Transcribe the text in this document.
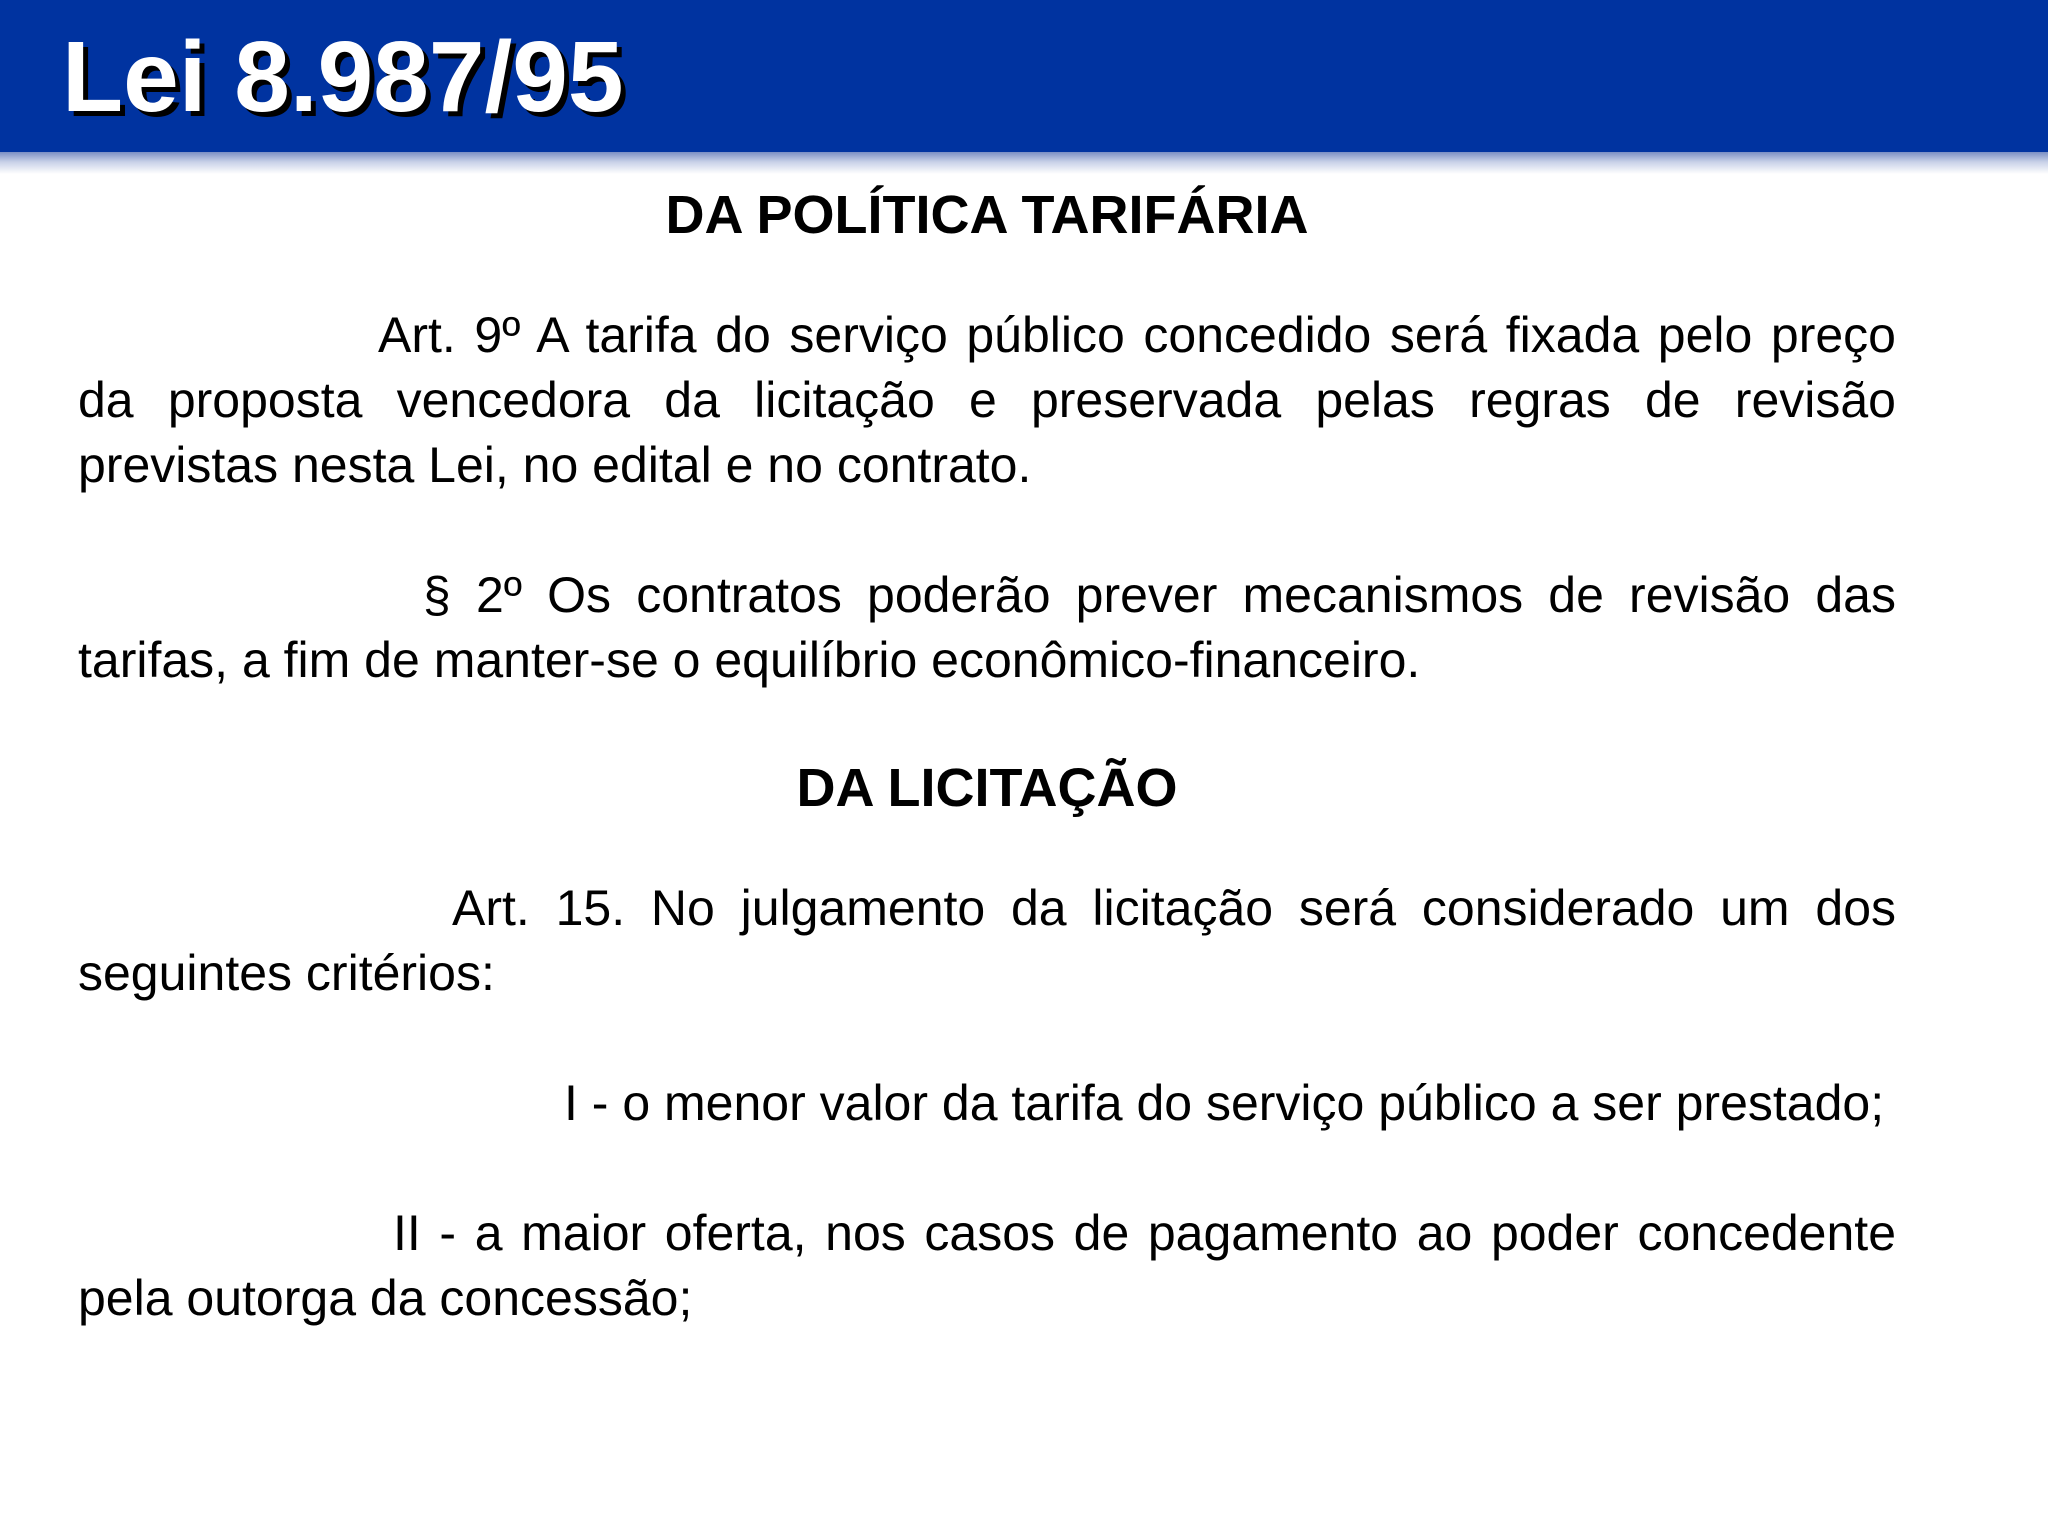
Lei 8.987/95
DA POLÍTICA TARIFÁRIA

Art. 9º A tarifa do serviço público concedido será fixada pelo preço da proposta vencedora da licitação e preservada pelas regras de revisão previstas nesta Lei, no edital e no contrato.

§ 2º Os contratos poderão prever mecanismos de revisão das tarifas, a fim de manter-se o equilíbrio econômico-financeiro.

DA LICITAÇÃO

Art. 15. No julgamento da licitação será considerado um dos seguintes critérios:

I - o menor valor da tarifa do serviço público a ser prestado;

II - a maior oferta, nos casos de pagamento ao poder concedente pela outorga da concessão;
